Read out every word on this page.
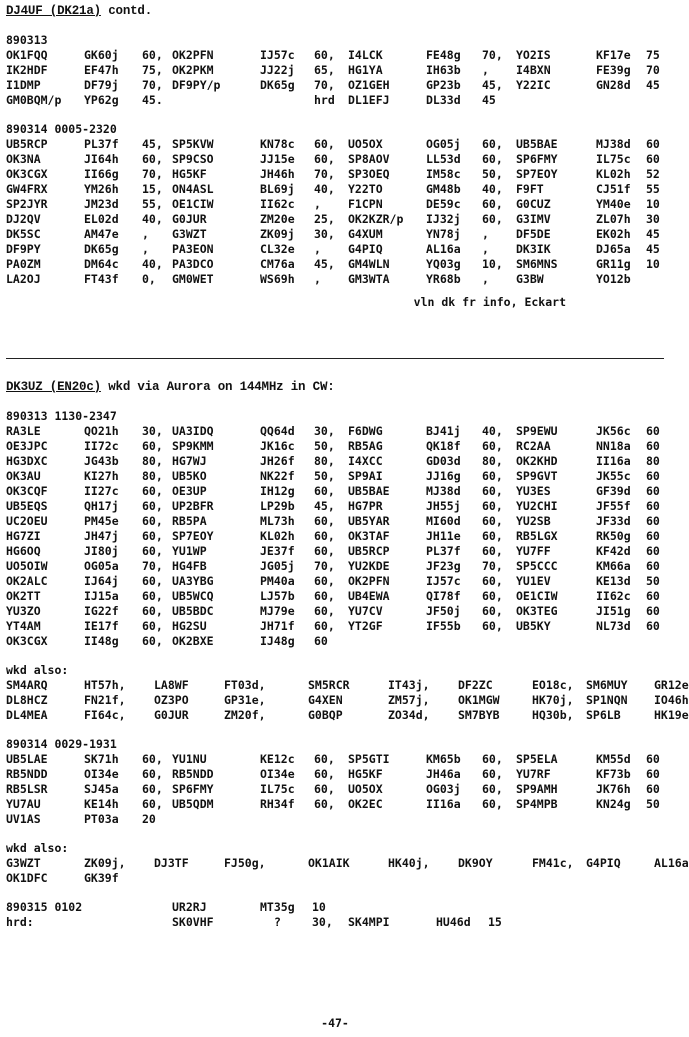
DJ4UF (DK21a) contd.
890313
OK1FQQ	GK60j 60, OK2PFN	IJ57c 60, I4LCK	FE48g 70, YO2IS	KF17e 75
IK2HDF	EF47h 75, OK2PKM	JJ22j 65, HG1YA	IH63b , I4BXN	FE39g 70
I1DMP	DF79j 70, DF9PY/p	DK65g 70, OZ1GEH	GP23b 45, Y22IC	GN28d 45
GM0BQM/p YP62g 45.	hrd DL1EFJ	DL33d 45
890314 0005-2320
UB5RCP	PL37f 45, SP5KVW	KN78c 60, UO5OX	OG05j 60, UB5BAE	MJ38d 60
OK3NA	JI64h 60, SP9CSO	JJ15e 60, SP8AOV	LL53d 60, SP6FMY	IL75c 60
OK3CGX	II66g 70, HG5KF	JH46h 70, SP3OEQ	IM58c 50, SP7EOY	KL02h 52
GW4FRX	YM26h 15, ON4ASL	BL69j 40, Y22TO	GM48b 40, F9FT	CJ51f 55
SP2JYR	JM23d 55, OE1CIW	II62c , F1CPN	DE59c 60, G0CUZ	YM40e 10
DJ2QV	EL02d 40, G0JUR	ZM20e 25, OK2KZR/p IJ32j 60, G3IMV	ZL07h 30
DK5SC	AM47e , G3WZT	ZK09j 30, G4XUM	YN78j , DF5DE	EK02h 45
DF9PY	DK65g , PA3EON	CL32e , G4PIQ	AL16a , DK3IK	DJ65a 45
PA0ZM	DM64c 40, PA3DCO	CM76a 45, GM4WLN	YQ03g 10, SM6MNS	GR11g 10
LA2OJ	FT43f 0, GM0WET	WS69h , GM3WTA	YR68b , G3BW	YO12b
vln dk fr info, Eckart
DK3UZ (EN20c) wkd via Aurora on 144MHz in CW:
890313 1130-2347
RA3LE	QO21h 30, UA3IDQ	QQ64d 30, F6DWG	BJ41j 40, SP9EWU	JK56c 60
OE3JPC	II72c 60, SP9KMM	JK16c 50, RB5AG	QK18f 60, RC2AA	NN18a 60
HG3DXC	JG43b 80, HG7WJ	JH26f 80, I4XCC	GD03d 80, OK2KHD	II16a 80
OK3AU	KI27h 80, UB5KO	NK22f 50, SP9AI	JJ16g 60, SP9GVT	JK55c 60
OK3CQF	II27c 60, OE3UP	IH12g 60, UB5BAE	MJ38d 60, YU3ES	GF39d 60
UB5EQS	QH17j 60, UP2BFR	LP29b 45, HG7PR	JH55j 60, YU2CHI	JF55f 60
UC2OEU	PM45e 60, RB5PA	ML73h 60, UB5YAR	MI60d 60, YU2SB	JF33d 60
HG7ZI	JH47j 60, SP7EOY	KL02h 60, OK3TAF	JH11e 60, RB5LGX	RK50g 60
HG6OQ	JI80j 60, YU1WP	JE37f 60, UB5RCP	PL37f 60, YU7FF	KF42d 60
UO5OIW	OG05a 70, HG4FB	JG05j 70, YU2KDE	JF23g 70, SP5CCC	KM66a 60
OK2ALC	IJ64j 60, UA3YBG	PM40a 60, OK2PFN	IJ57c 60, YU1EV	KE13d 50
OK2TT	IJ15a 60, UB5WCQ	LJ57b 60, UB4EWA	QI78f 60, OE1CIW	II62c 60
YU3ZO	IG22f 60, UB5BDC	MJ79e 60, YU7CV	JF50j 60, OK3TEG	JI51g 60
YT4AM	IE17f 60, HG2SU	JH71f 60, YT2GF	IF55b 60, UB5KY	NL73d 60
OK3CGX	II48g 60, OK2BXE	IJ48g 60
wkd also:
SM4ARQ	HT57h, LA8WF	FT03d,	SM5RCR	IT43j, DF2ZC	EO18c, SM6MUY GR12e
DL8HCZ	FN21f, OZ3PO	GP31e,	G4XEN	ZM57j, OK1MGW	HK70j, SP1NQN IO46h
DL4MEA	FI64c, G0JUR	ZM20f,	G0BQP	ZO34d, SM7BYB	HQ30b, SP6LB	HK19e
890314 0029-1931
UB5LAE	SK71h 60, YU1NU	KE12c 60, SP5GTI	KM65b 60, SP5ELA	KM55d 60
RB5NDD	OI34e 60, RB5NDD	OI34e 60, HG5KF	JH46a 60, YU7RF	KF73b 60
RB5LSR	SJ45a 60, SP6FMY	IL75c 60, UO5OX	OG03j 60, SP9AMH	JK76h 60
YU7AU	KE14h 60, UB5QDM	RH34f 60, OK2EC	II16a 60, SP4MPB	KN24g 50
UV1AS	PT03a 20
wkd also:
G3WZT	ZK09j, DJ3TF	FJ50g,	OK1AIK	HK40j, DK9OY	FM41c, G4PIQ	AL16a
OK1DFC	GK39f
890315 0102	UR2RJ	MT35g 10
hrd:	SK0VHF	?	30, SK4MPI	HU46d 15
-47-
